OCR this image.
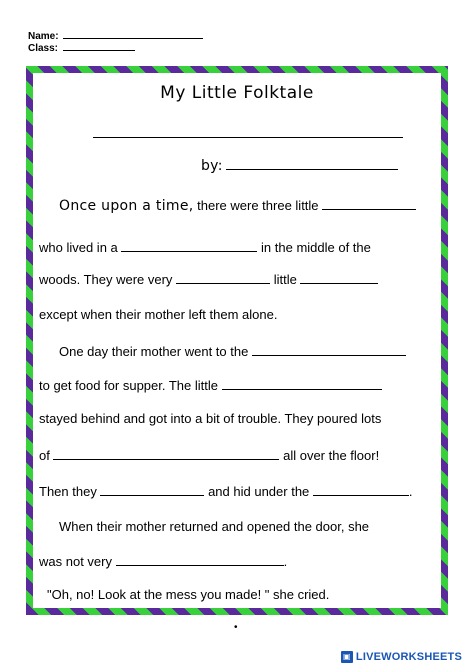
Name:
Class:
My Little Folktale
by:
Once upon a time, there were three little
who lived in a	in the middle of the
woods. They were very	little
except when their mother left them alone.
One day their mother went to the
to get food for supper. The little
stayed behind and got into a bit of trouble. They poured lots
of	all over the floor!
Then they	and hid under the	.
When their mother returned and opened the door, she
was not very	.
"Oh, no! Look at the mess you made! " she cried.
•
▣ LIVEWORKSHEETS
